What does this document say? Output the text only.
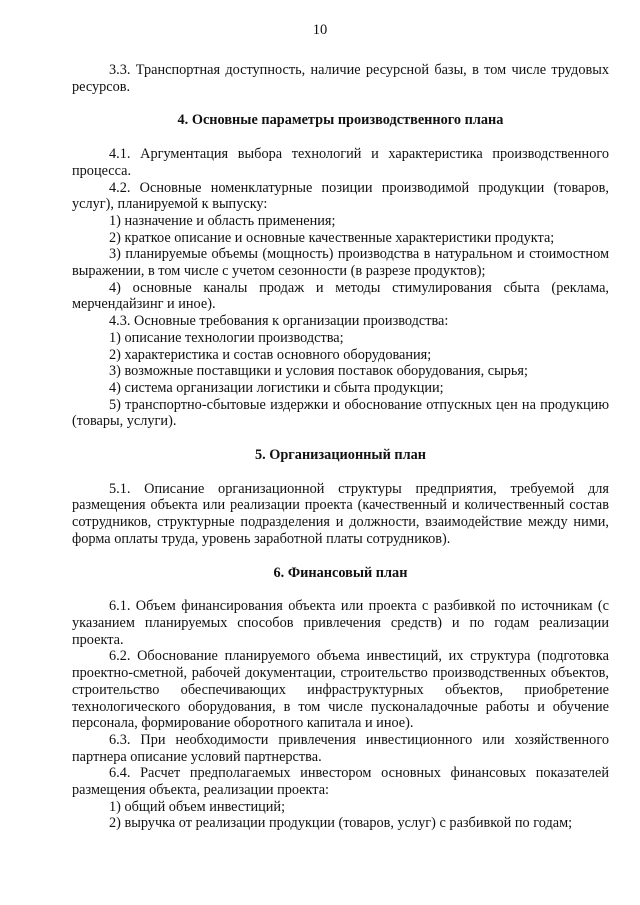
10

3.3. Транспортная доступность, наличие ресурсной базы, в том числе трудовых ресурсов.

4. Основные параметры производственного плана

4.1. Аргументация выбора технологий и характеристика производственного процесса.

4.2. Основные номенклатурные позиции производимой продукции (товаров, услуг), планируемой к выпуску:

1) назначение и область применения;

2) краткое описание и основные качественные характеристики продукта;

3) планируемые объемы (мощность) производства в натуральном и стоимостном выражении, в том числе с учетом сезонности (в разрезе продуктов);

4) основные каналы продаж и методы стимулирования сбыта (реклама, мерчендайзинг и иное).

4.3. Основные требования к организации производства:

1) описание технологии производства;

2) характеристика и состав основного оборудования;

3) возможные поставщики и условия поставок оборудования, сырья;

4) система организации логистики и сбыта продукции;

5) транспортно-сбытовые издержки и обоснование отпускных цен на продукцию (товары, услуги).

5. Организационный план

5.1. Описание организационной структуры предприятия, требуемой для размещения объекта или реализации проекта (качественный и количественный состав сотрудников, структурные подразделения и должности, взаимодействие между ними, форма оплаты труда, уровень заработной платы сотрудников).

6. Финансовый план

6.1. Объем финансирования объекта или проекта с разбивкой по источникам (с указанием планируемых способов привлечения средств) и по годам реализации проекта.

6.2. Обоснование планируемого объема инвестиций, их структура (подготовка проектно-сметной, рабочей документации, строительство производственных объектов, строительство обеспечивающих инфраструктурных объектов, приобретение технологического оборудования, в том числе пусконаладочные работы и обучение персонала, формирование оборотного капитала и иное).

6.3. При необходимости привлечения инвестиционного или хозяйственного партнера описание условий партнерства.

6.4. Расчет предполагаемых инвестором основных финансовых показателей размещения объекта, реализации проекта:

1) общий объем инвестиций;

2) выручка от реализации продукции (товаров, услуг) с разбивкой по годам;
